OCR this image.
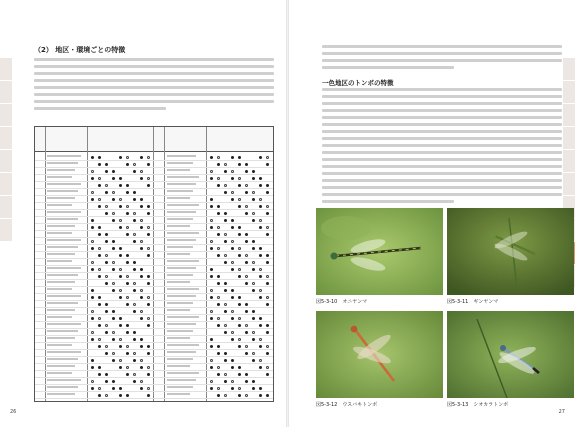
（2） 地区・環境ごとの特徴
26
一色地区のトンボの特徴
図5-3-10　オニヤンマ	図5-3-11　ギンヤンマ
図5-3-12　ウスバキトンボ	図5-3-13　シオカラトンボ
27
